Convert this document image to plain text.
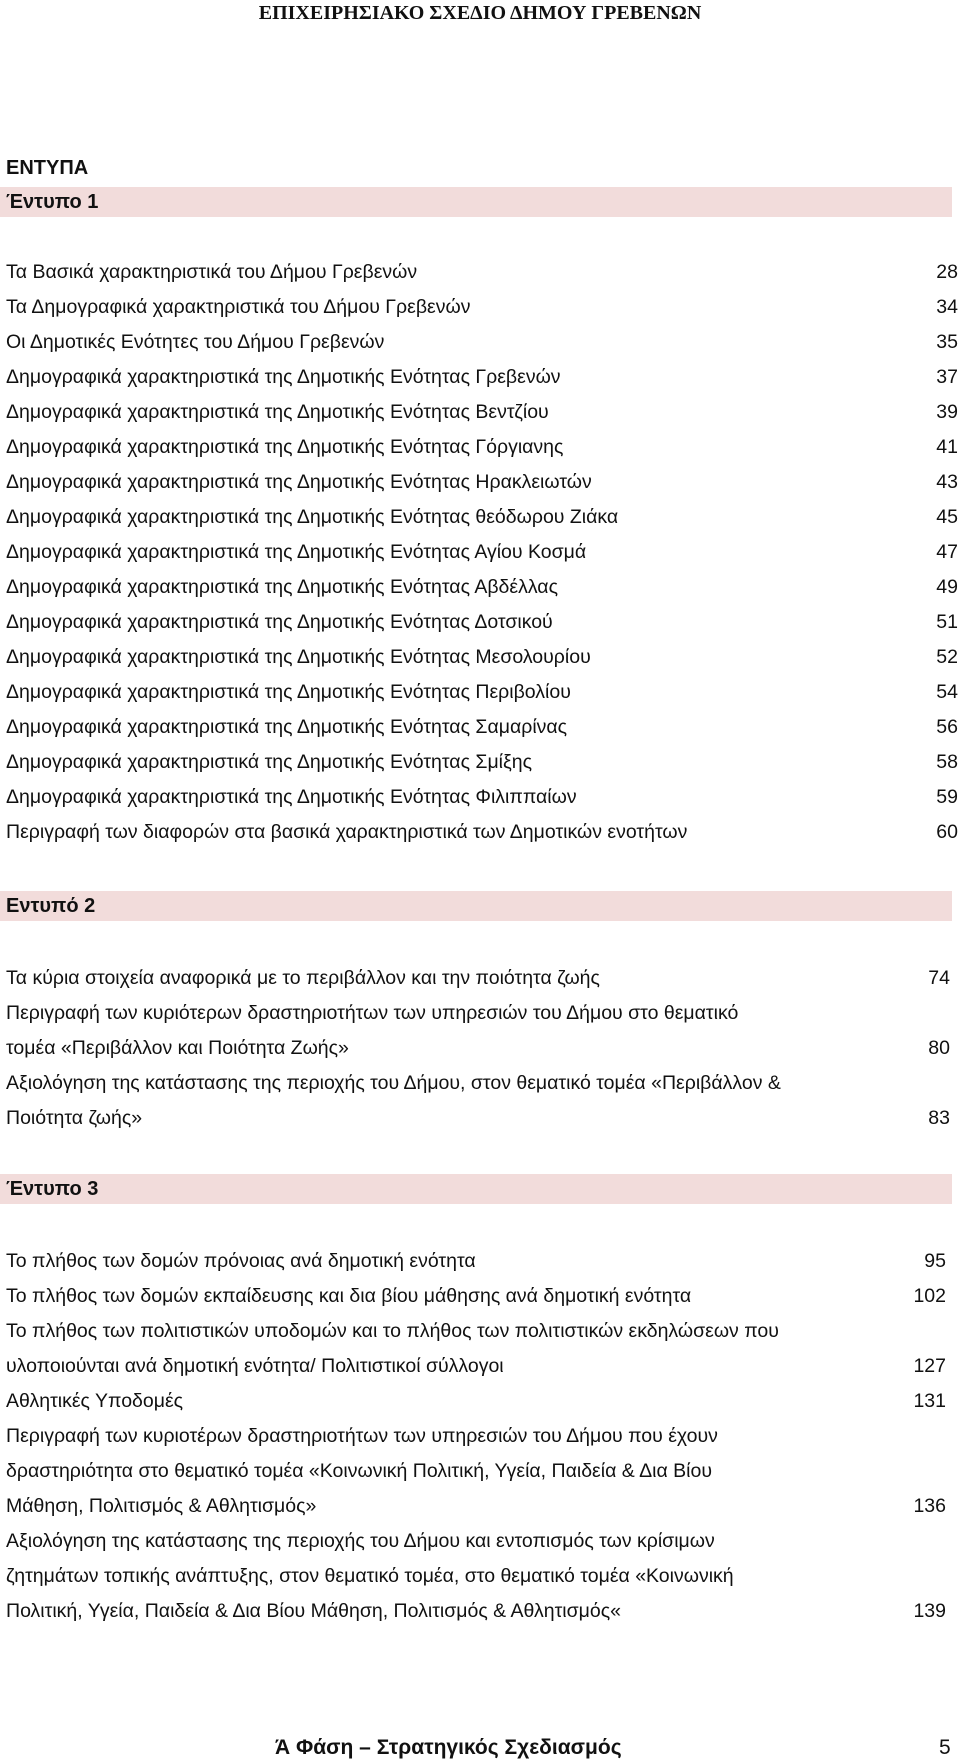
ΕΠΙΧΕΙΡΗΣΙΑΚΟ ΣΧΕΔΙΟ ΔΗΜΟΥ ΓΡΕΒΕΝΩΝ
ΕΝΤΥΠΑ
Έντυπο 1
Τα Βασικά χαρακτηριστικά του Δήμου Γρεβενών	28
Τα Δημογραφικά χαρακτηριστικά του Δήμου Γρεβενών	34
Οι Δημοτικές Ενότητες του Δήμου Γρεβενών	35
Δημογραφικά χαρακτηριστικά της Δημοτικής Ενότητας Γρεβενών	37
Δημογραφικά χαρακτηριστικά της Δημοτικής Ενότητας Βεντζίου	39
Δημογραφικά χαρακτηριστικά της Δημοτικής Ενότητας Γόργιανης	41
Δημογραφικά χαρακτηριστικά της Δημοτικής Ενότητας Ηρακλειωτών	43
Δημογραφικά χαρακτηριστικά της Δημοτικής Ενότητας θεόδωρου Ζιάκα	45
Δημογραφικά χαρακτηριστικά της Δημοτικής Ενότητας Αγίου Κοσμά	47
Δημογραφικά χαρακτηριστικά της Δημοτικής Ενότητας Αβδέλλας	49
Δημογραφικά χαρακτηριστικά της Δημοτικής Ενότητας Δοτσικού	51
Δημογραφικά χαρακτηριστικά της Δημοτικής Ενότητας Μεσολουρίου	52
Δημογραφικά χαρακτηριστικά της Δημοτικής Ενότητας Περιβολίου	54
Δημογραφικά χαρακτηριστικά της Δημοτικής Ενότητας Σαμαρίνας	56
Δημογραφικά χαρακτηριστικά της Δημοτικής Ενότητας Σμίξης	58
Δημογραφικά χαρακτηριστικά της Δημοτικής Ενότητας Φιλιππαίων	59
Περιγραφή των διαφορών στα βασικά χαρακτηριστικά των Δημοτικών ενοτήτων	60
Εντυπό 2
Τα κύρια στοιχεία αναφορικά με το περιβάλλον και την ποιότητα ζωής	74
Περιγραφή των κυριότερων δραστηριοτήτων των υπηρεσιών του Δήμου στο θεματικό
τομέα «Περιβάλλον και Ποιότητα Ζωής»	80
Αξιολόγηση της κατάστασης της περιοχής του Δήμου, στον θεματικό τομέα «Περιβάλλον &
Ποιότητα ζωής»	83
Έντυπο 3
Το πλήθος των δομών πρόνοιας ανά δημοτική ενότητα	95
Το πλήθος των δομών εκπαίδευσης και δια βίου μάθησης ανά δημοτική ενότητα	102
Το πλήθος των πολιτιστικών υποδομών και το πλήθος των πολιτιστικών εκδηλώσεων που
υλοποιούνται ανά δημοτική ενότητα/ Πολιτιστικοί σύλλογοι	127
Αθλητικές Υποδομές	131
Περιγραφή των κυριοτέρων δραστηριοτήτων των υπηρεσιών του Δήμου που έχουν
δραστηριότητα στο θεματικό τομέα «Κοινωνική Πολιτική, Υγεία, Παιδεία & Δια Βίου
Μάθηση, Πολιτισμός & Αθλητισμός»	136
Αξιολόγηση της κατάστασης της περιοχής του Δήμου και εντοπισμός των κρίσιμων
ζητημάτων τοπικής ανάπτυξης, στον θεματικό τομέα, στο θεματικό τομέα «Κοινωνική
Πολιτική, Υγεία, Παιδεία & Δια Βίου Μάθηση, Πολιτισμός & Αθλητισμός«	139
Ά Φάση – Στρατηγικός Σχεδιασμός	5
